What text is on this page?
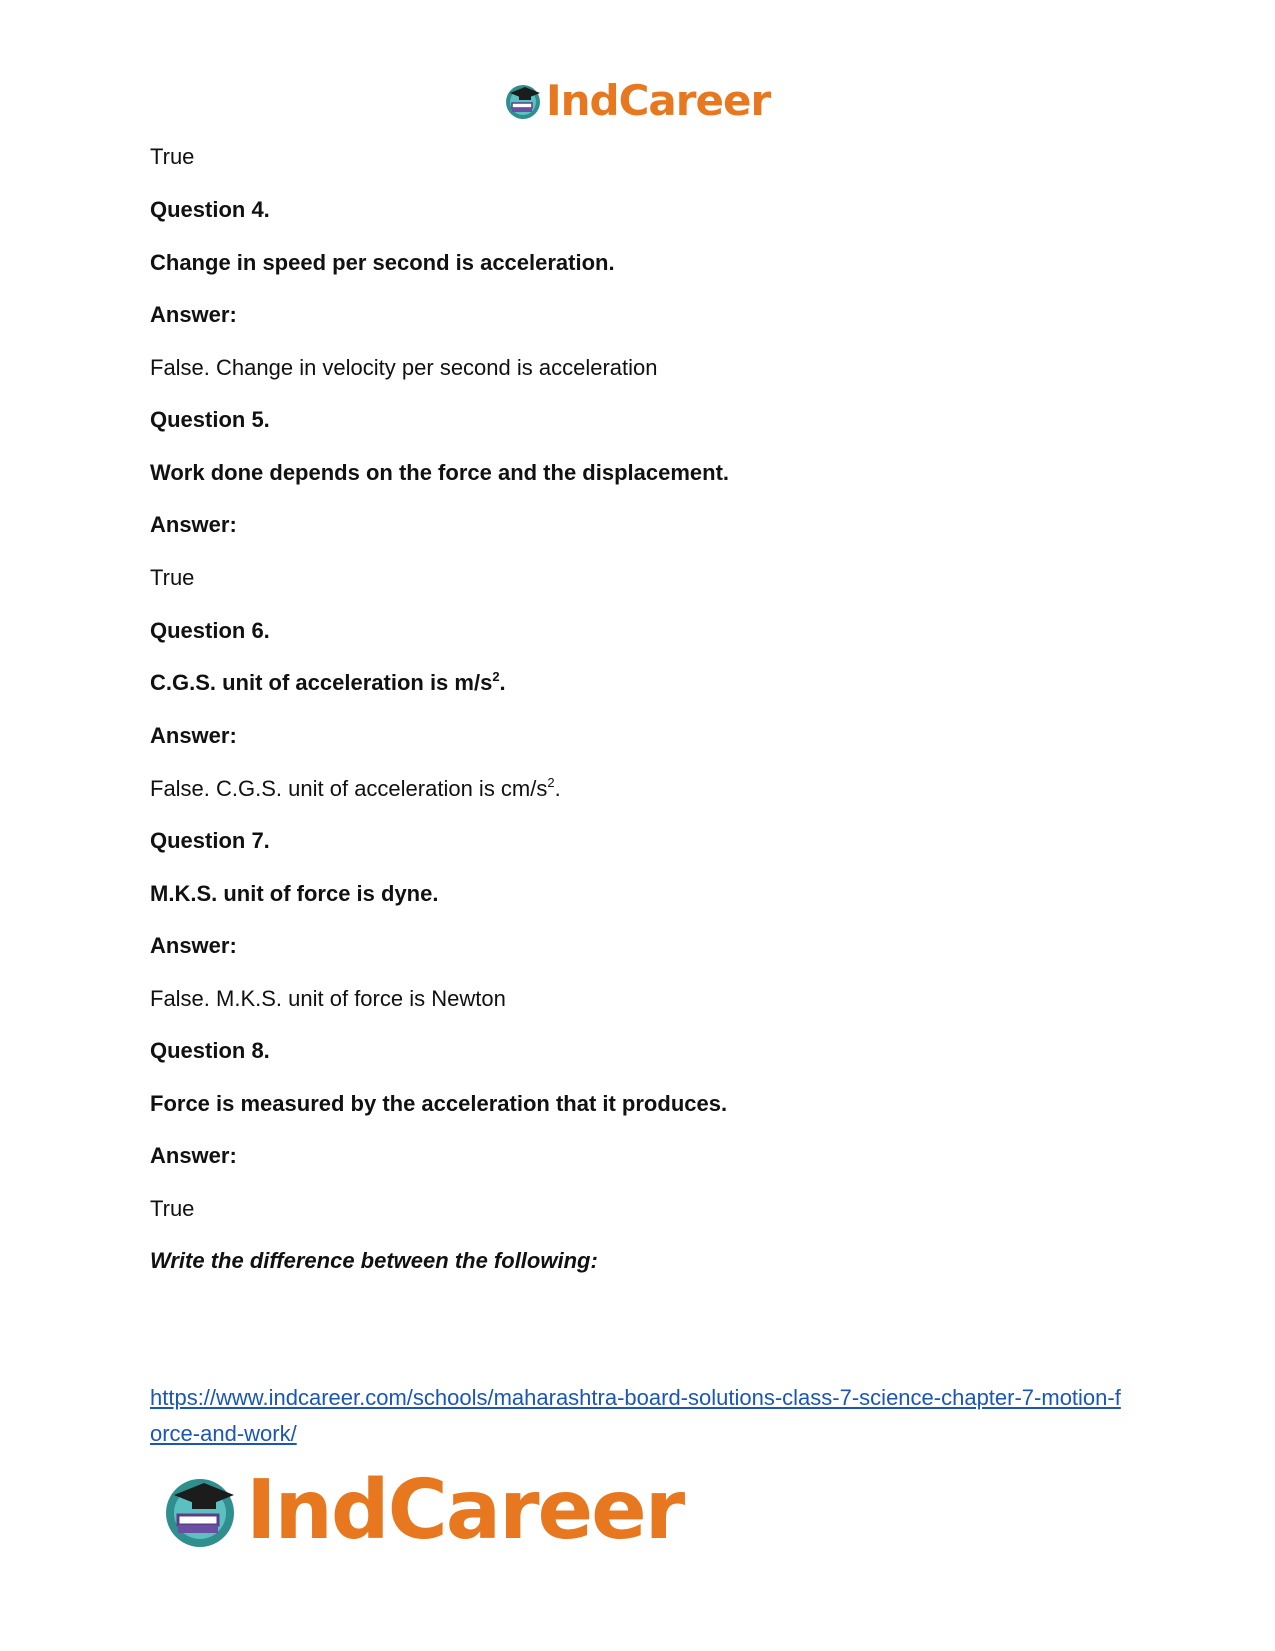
IndCareer
True
Question 4.
Change in speed per second is acceleration.
Answer:
False. Change in velocity per second is acceleration
Question 5.
Work done depends on the force and the displacement.
Answer:
True
Question 6.
C.G.S. unit of acceleration is $m/s^2$.
Answer:
False. C.G.S. unit of acceleration is $cm/s^2$.
Question 7.
M.K.S. unit of force is dyne.
Answer:
False. M.K.S. unit of force is Newton
Question 8.
Force is measured by the acceleration that it produces.
Answer:
True
Write the difference between the following:
https://www.indcareer.com/schools/maharashtra-board-solutions-class-7-science-chapter-7-motion-force-and-work/
IndCareer
